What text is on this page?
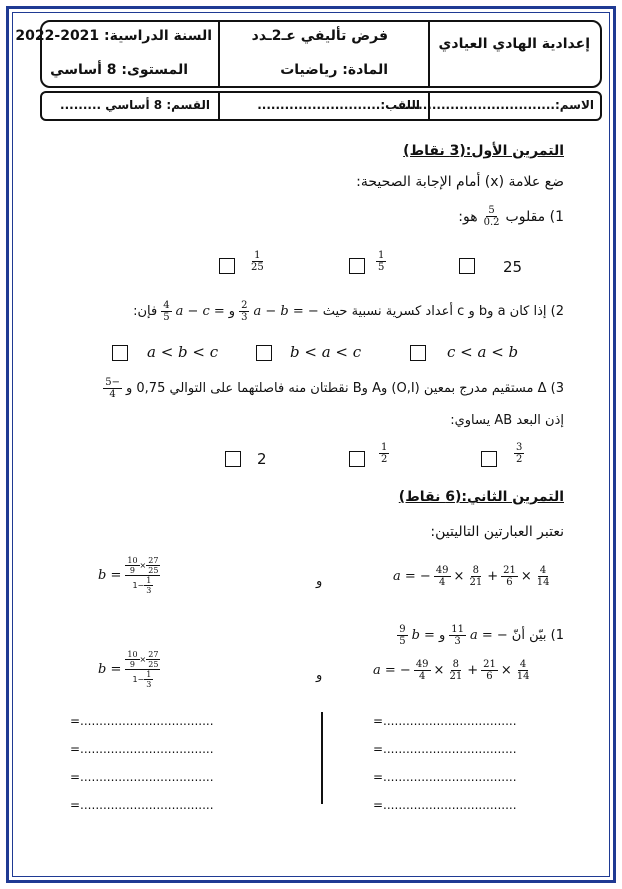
إعدادية الهادي العيادي
فرض تأليفي عـ2ـدد
المادة: رياضيات
السنة الدراسية: 2021-2022
المستوى: 8 أساسي
الاسم:...................................
اللقب:...........................
القسم: 8 أساسي .........
التمرين الأول:(3 نقاط)
ضع علامة (x) أمام الإجابة الصحيحة:
1) مقلوب
$\frac{5}{0.2}$
هو:
25
$\frac{1}{5}$
$\frac{1}{25}$
2) إذا كان a وb و c أعداد كسرية نسبية حيث
a − b = −
$\frac{2}{3}$
و
a − c =
$\frac{4}{5}$
فإن:
c < a < b
b < a < c
a < b < c
3) Δ مستقيم مدرج بمعين (O,I) وA وB نقطتان منه فاصلتهما على التوالي 0,75 و
$\frac{-5}{4}$
إذن البعد AB يساوي:
$\frac{3}{2}$
$\frac{1}{2}$
2
التمرين الثاني:(6 نقاط)
نعتبر العبارتين التاليتين:
a = − $\frac{49}{4} \times \frac{8}{21} + \frac{21}{6} \times \frac{4}{14}$
و
$b = \frac{\frac{10}{9} \times \frac{27}{25}}{1- \frac{1}{3}}$
1) بيّن أنّ
a = −
$\frac{11}{3}$
و
b =
$\frac{9}{5}$
a = − $\frac{49}{4} \times \frac{8}{21} + \frac{21}{6} \times \frac{4}{14}$
و
$b = \frac{\frac{10}{9} \times \frac{27}{25}}{1- \frac{1}{3}}$
=...................................
=...................................
=...................................
=...................................
=...................................
=...................................
=...................................
=...................................
